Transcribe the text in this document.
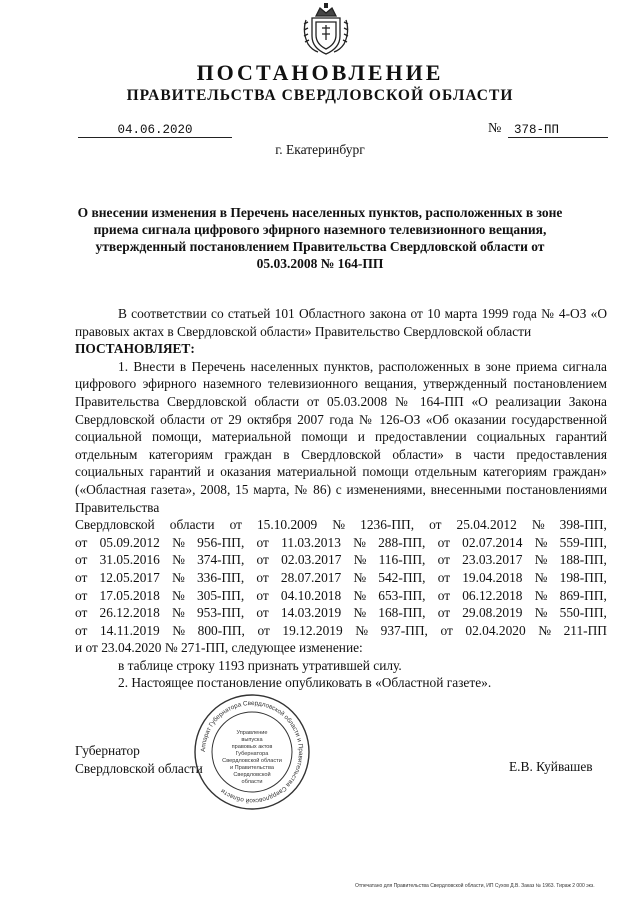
ПОСТАНОВЛЕНИЕ
ПРАВИТЕЛЬСТВА СВЕРДЛОВСКОЙ ОБЛАСТИ
04.06.2020	№	378-ПП
г. Екатеринбург
О внесении изменения в Перечень населенных пунктов, расположенных в зоне приема сигнала цифрового эфирного наземного телевизионного вещания, утвержденный постановлением Правительства Свердловской области от 05.03.2008 № 164-ПП
В соответствии со статьей 101 Областного закона от 10 марта 1999 года № 4-ОЗ «О правовых актах в Свердловской области» Правительство Свердловской области
ПОСТАНОВЛЯЕТ:
1. Внести в Перечень населенных пунктов, расположенных в зоне приема сигнала цифрового эфирного наземного телевизионного вещания, утвержденный постановлением Правительства Свердловской области от 05.03.2008 № 164-ПП «О реализации Закона Свердловской области от 29 октября 2007 года № 126-ОЗ «Об оказании государственной социальной помощи, материальной помощи и предоставлении социальных гарантий отдельным категориям граждан в Свердловской области» в части предоставления социальных гарантий и оказания материальной помощи отдельным категориям граждан» («Областная газета», 2008, 15 марта, № 86) с изменениями, внесенными постановлениями Правительства
Свердловской области от 15.10.2009 № 1236-ПП, от 25.04.2012 № 398-ПП,
от 05.09.2012 № 956-ПП, от 11.03.2013 № 288-ПП, от 02.07.2014 № 559-ПП,
от 31.05.2016 № 374-ПП, от 02.03.2017 № 116-ПП, от 23.03.2017 № 188-ПП,
от 12.05.2017 № 336-ПП, от 28.07.2017 № 542-ПП, от 19.04.2018 № 198-ПП,
от 17.05.2018 № 305-ПП, от 04.10.2018 № 653-ПП, от 06.12.2018 № 869-ПП,
от 26.12.2018 № 953-ПП, от 14.03.2019 № 168-ПП, от 29.08.2019 № 550-ПП,
от 14.11.2019 № 800-ПП, от 19.12.2019 № 937-ПП, от 02.04.2020 № 211-ПП
и от 23.04.2020 № 271-ПП, следующее изменение:
в таблице строку 1193 признать утратившей силу.
2. Настоящее постановление опубликовать в «Областной газете».
Губернатор
Свердловской области	Е.В. Куйвашев
Аппарат Губернатора Свердловской области и Правительства Свердловской области
Управление
выпуска
правовых актов
Губернатора
Свердловской области
и Правительства
Свердловской
области
Отпечатано для Правительства Свердловской области, ИП Сухов Д.В. Заказ № 1963. Тираж 2 000 экз.
